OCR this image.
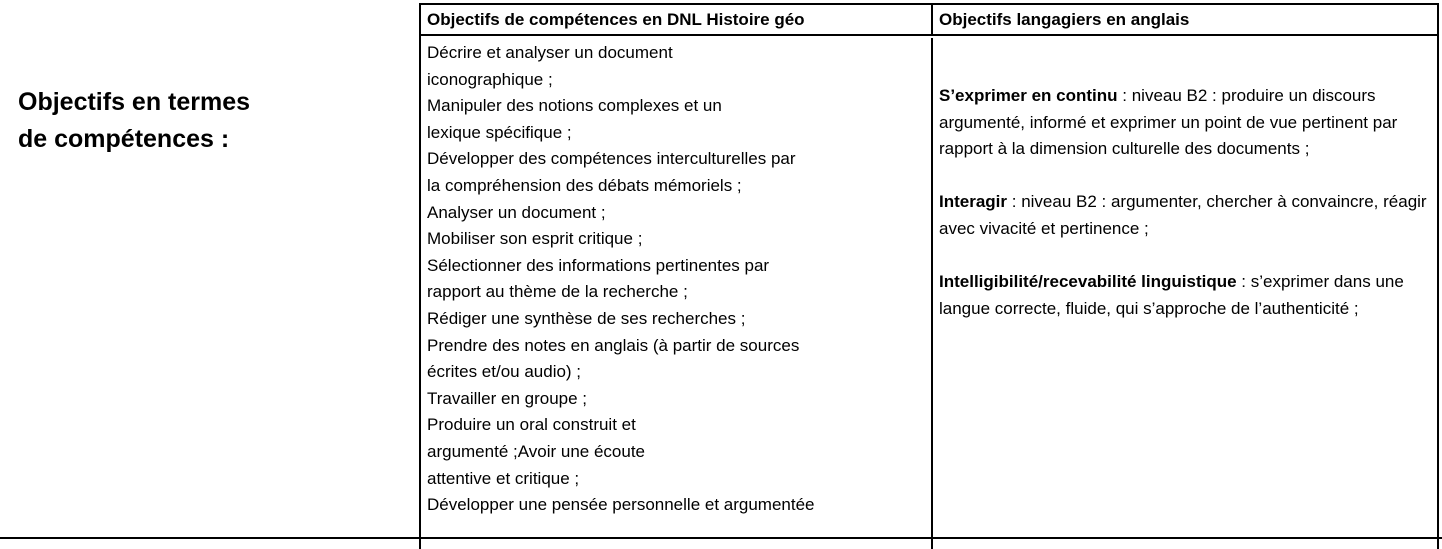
Objectifs en termes de compétences :
Objectifs de compétences en DNL Histoire géo	Objectifs langagiers en anglais
Décrire et analyser un document
iconographique ;
Manipuler des notions complexes et un
lexique spécifique ;
Développer des compétences interculturelles par
la compréhension des débats mémoriels ;
Analyser un document ;
Mobiliser son esprit critique ;
Sélectionner des informations pertinentes par
rapport au thème de la recherche ;
Rédiger une synthèse de ses recherches ;
Prendre des notes en anglais (à partir de sources
écrites et/ou audio) ;
Travailler en groupe ;
Produire un oral construit et
argumenté ;Avoir une écoute
attentive et critique ;
Développer une pensée personnelle et argumentée

S’exprimer en continu : niveau B2 : produire un discours argumenté, informé et exprimer un point de vue pertinent par rapport à la dimension culturelle des documents ;

Interagir : niveau B2 : argumenter, chercher à convaincre, réagir avec vivacité et pertinence ;

Intelligibilité/recevabilité linguistique : s’exprimer dans une langue correcte, fluide, qui s’approche de l’authenticité ;
